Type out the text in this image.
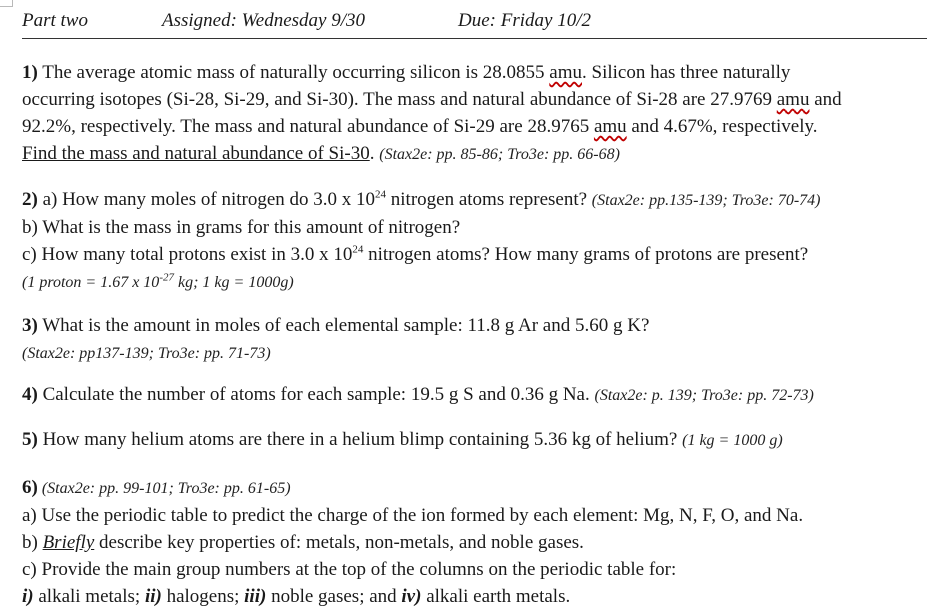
Part two	Assigned: Wednesday 9/30	Due: Friday 10/2
1) The average atomic mass of naturally occurring silicon is 28.0855 amu. Silicon has three naturally
occurring isotopes (Si-28, Si-29, and Si-30). The mass and natural abundance of Si-28 are 27.9769 amu and
92.2%, respectively. The mass and natural abundance of Si-29 are 28.9765 amu and 4.67%, respectively.
Find the mass and natural abundance of Si-30. (Stax2e: pp. 85-86; Tro3e: pp. 66-68)
2) a) How many moles of nitrogen do 3.0 x $10^{24}$ nitrogen atoms represent? (Stax2e: pp.135-139; Tro3e: 70-74)
b) What is the mass in grams for this amount of nitrogen?
c) How many total protons exist in 3.0 x $10^{24}$ nitrogen atoms? How many grams of protons are present?
(1 proton = 1.67 x $10^{-27}$ kg; 1 kg = 1000g)
3) What is the amount in moles of each elemental sample: 11.8 g Ar and 5.60 g K?
(Stax2e: pp137-139; Tro3e: pp. 71-73)
4) Calculate the number of atoms for each sample: 19.5 g S and 0.36 g Na. (Stax2e: p. 139; Tro3e: pp. 72-73)
5) How many helium atoms are there in a helium blimp containing 5.36 kg of helium? (1 kg = 1000 g)
6) (Stax2e: pp. 99-101; Tro3e: pp. 61-65)
a) Use the periodic table to predict the charge of the ion formed by each element: Mg, N, F, O, and Na.
b) Briefly describe key properties of: metals, non-metals, and noble gases.
c) Provide the main group numbers at the top of the columns on the periodic table for:
i) alkali metals; ii) halogens; iii) noble gases; and iv) alkali earth metals.
